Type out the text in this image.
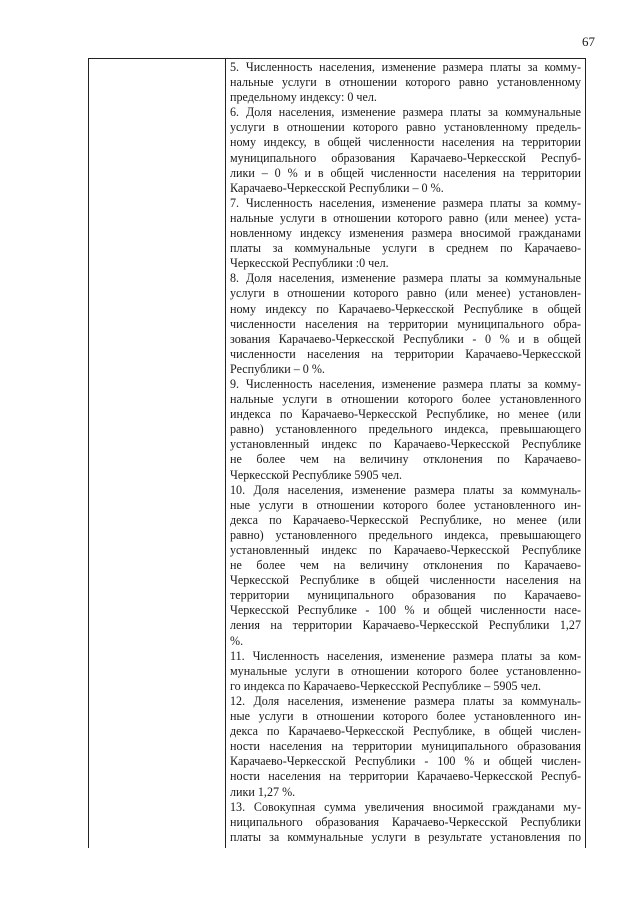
67
5. Численность населения, изменение размера платы за комму-
нальные услуги в отношении которого равно установленному
предельному индексу: 0 чел.
6. Доля населения, изменение размера платы за коммунальные
услуги в отношении которого равно установленному предель-
ному индексу, в общей численности населения на территории
муниципального образования Карачаево-Черкесской Респуб-
лики – 0 % и в общей численности населения на территории
Карачаево-Черкесской Республики – 0 %.
7. Численность населения, изменение размера платы за комму-
нальные услуги в отношении которого равно (или менее) уста-
новленному индексу изменения размера вносимой гражданами
платы за коммунальные услуги в среднем по Карачаево-
Черкесской Республики :0 чел.
8. Доля населения, изменение размера платы за коммунальные
услуги в отношении которого равно (или менее) установлен-
ному индексу по Карачаево-Черкесской Республике в общей
численности населения на территории муниципального обра-
зования Карачаево-Черкесской Республики - 0 % и в общей
численности населения на территории Карачаево-Черкесской
Республики – 0 %.
9. Численность населения, изменение размера платы за комму-
нальные услуги в отношении которого более установленного
индекса по Карачаево-Черкесской Республике, но менее (или
равно) установленного предельного индекса, превышающего
установленный индекс по Карачаево-Черкесской Республике
не более чем на величину отклонения по Карачаево-
Черкесской Республике 5905 чел.
10. Доля населения, изменение размера платы за коммуналь-
ные услуги в отношении которого более установленного ин-
декса по Карачаево-Черкесской Республике, но менее (или
равно) установленного предельного индекса, превышающего
установленный индекс по Карачаево-Черкесской Республике
не более чем на величину отклонения по Карачаево-
Черкесской Республике в общей численности населения на
территории муниципального образования по Карачаево-
Черкесской Республике - 100 % и общей численности насе-
ления на территории Карачаево-Черкесской Республики 1,27
%.
11. Численность населения, изменение размера платы за ком-
мунальные услуги в отношении которого более установленно-
го индекса по Карачаево-Черкесской Республике – 5905 чел.
12. Доля населения, изменение размера платы за коммуналь-
ные услуги в отношении которого более установленного ин-
декса по Карачаево-Черкесской Республике, в общей числен-
ности населения на территории муниципального образования
Карачаево-Черкесской Республики - 100 % и общей числен-
ности населения на территории Карачаево-Черкесской Респуб-
лики 1,27 %.
13. Совокупная сумма увеличения вносимой гражданами му-
ниципального образования Карачаево-Черкесской Республики
платы за коммунальные услуги в результате установления по
